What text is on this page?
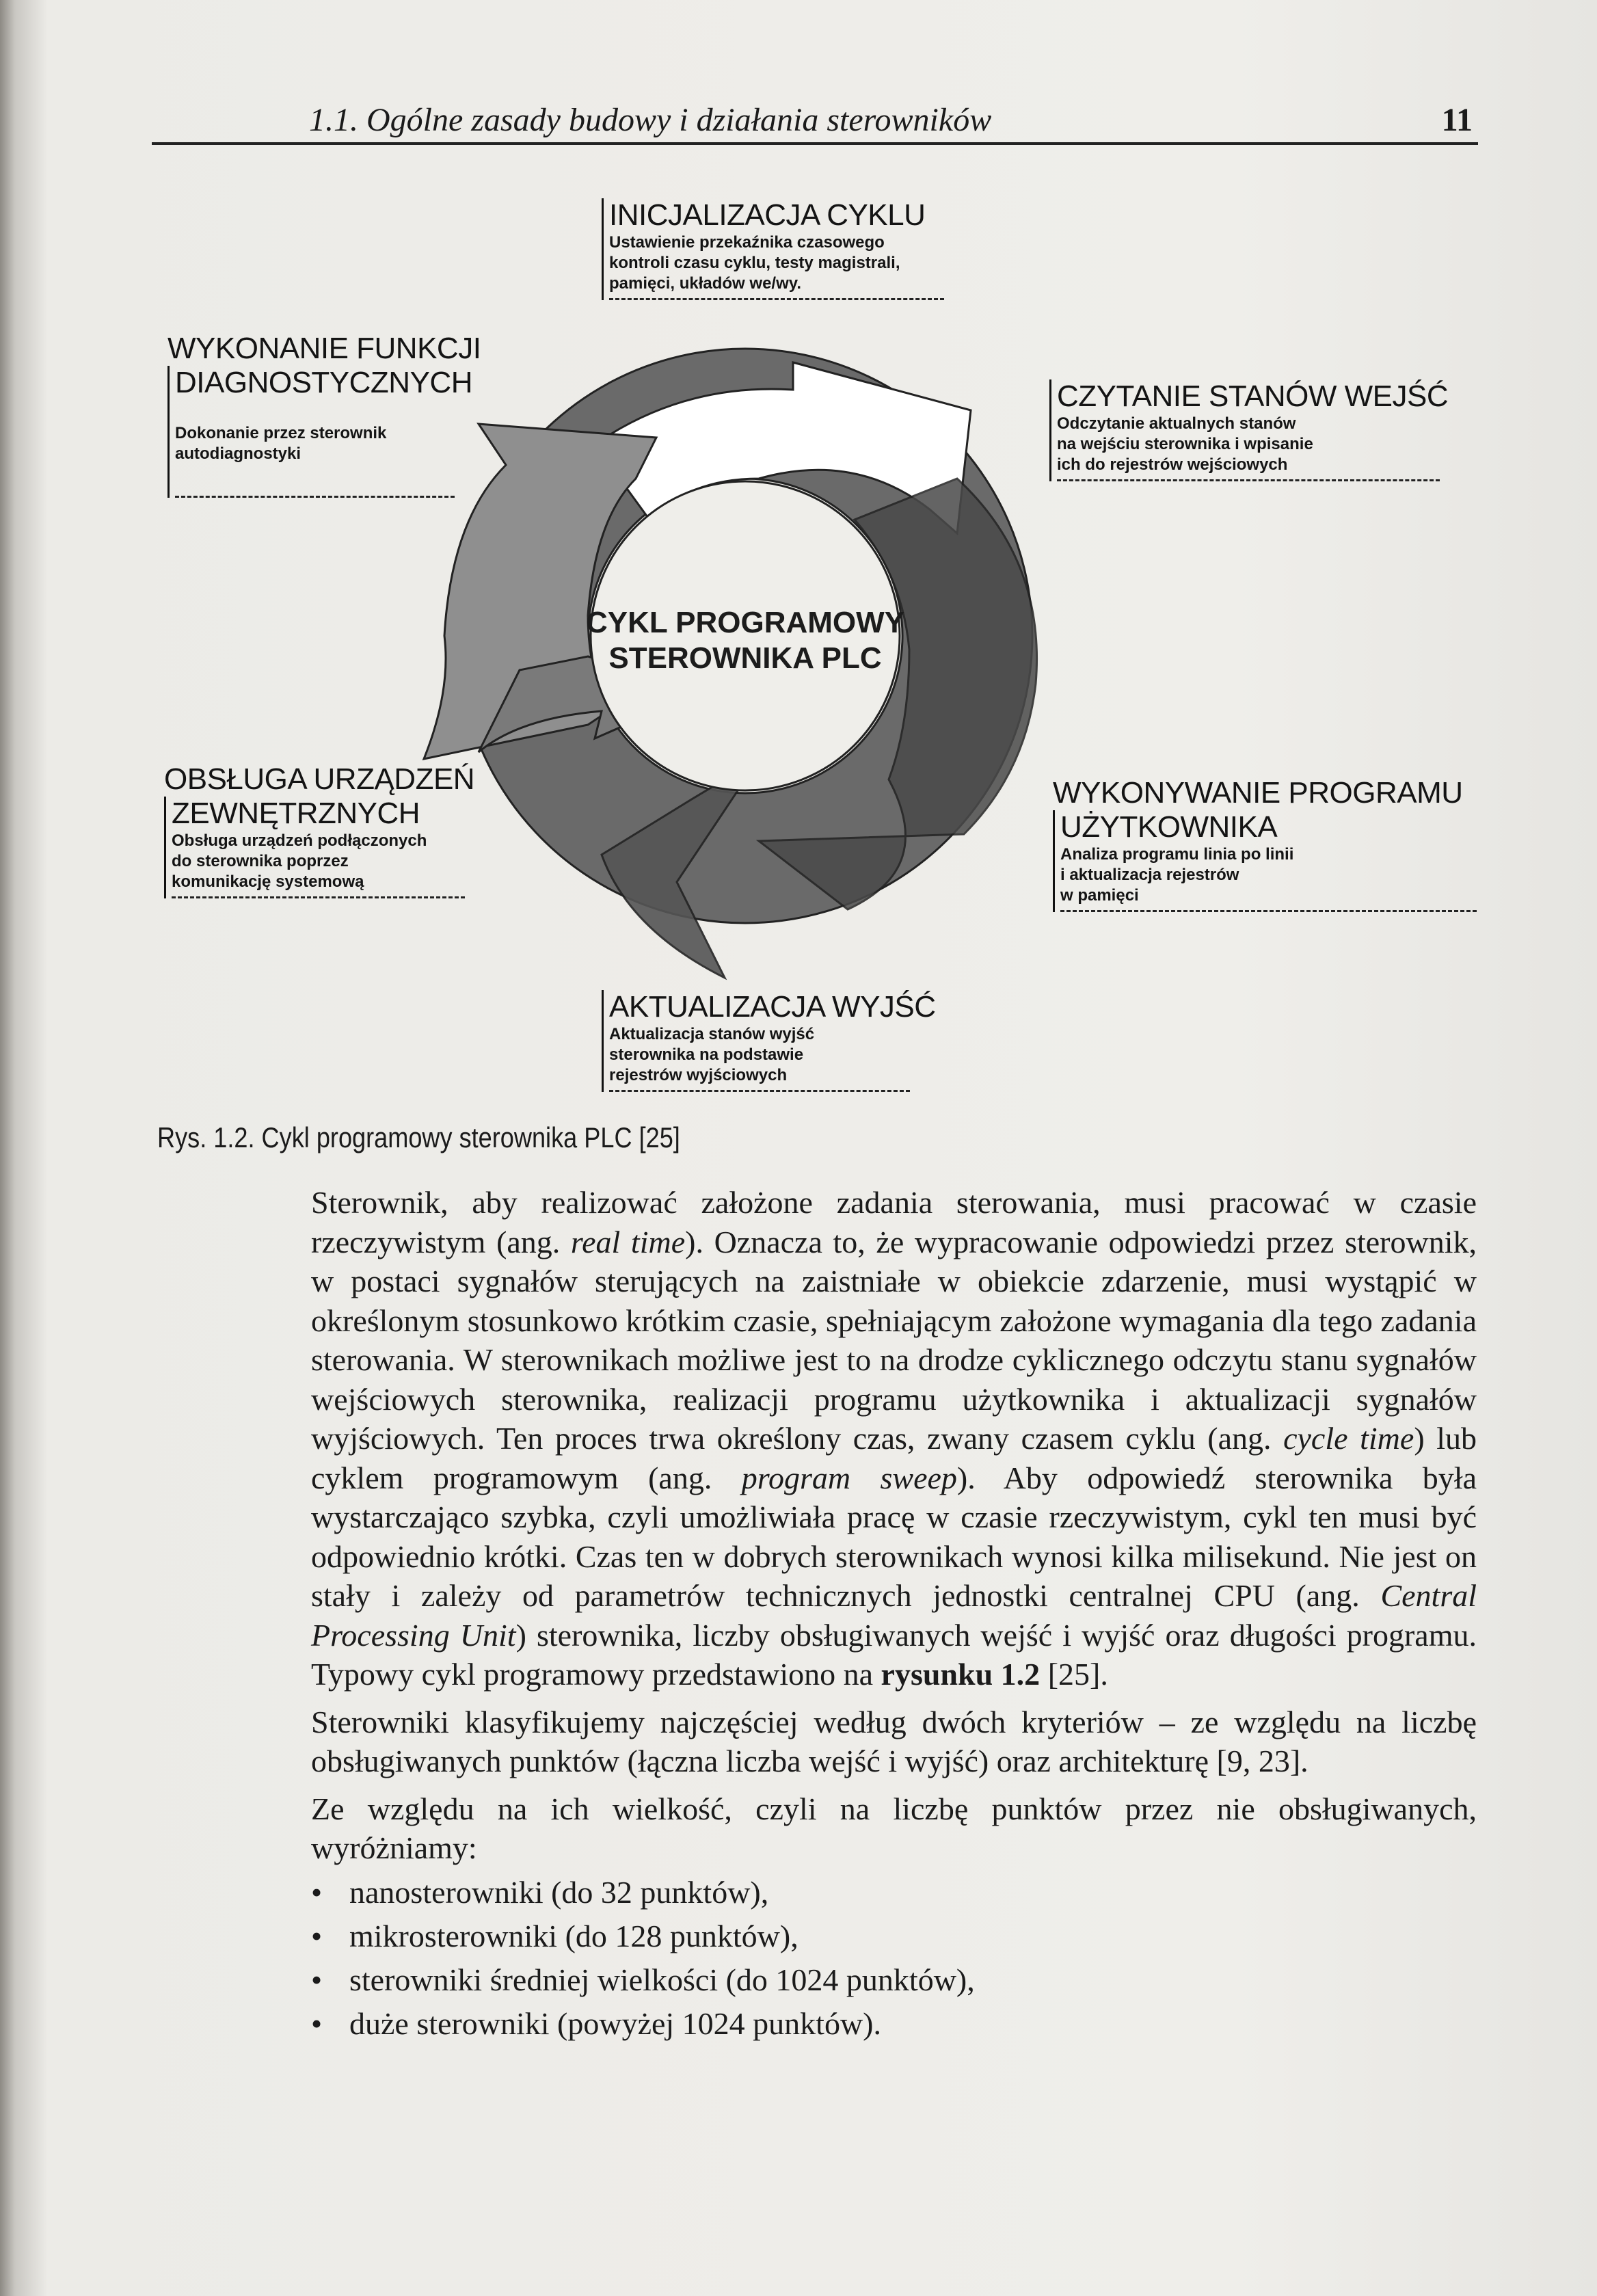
1.1. Ogólne zasady budowy i działania sterowników	11
CYKL PROGRAMOWY
STEROWNIKA PLC
INICJALIZACJA CYKLU
Ustawienie przekaźnika czasowego
kontroli czasu cyklu, testy magistrali,
pamięci, układów we/wy.
CZYTANIE STANÓW WEJŚĆ
Odczytanie aktualnych stanów
na wejściu sterownika i wpisanie
ich do rejestrów wejściowych
WYKONYWANIE PROGRAMU
UŻYTKOWNIKA
Analiza programu linia po linii
i aktualizacja rejestrów
w pamięci
AKTUALIZACJA WYJŚĆ
Aktualizacja stanów wyjść
sterownika na podstawie
rejestrów wyjściowych
OBSŁUGA URZĄDZEŃ
ZEWNĘTRZNYCH
Obsługa urządzeń podłączonych
do sterownika poprzez
komunikację systemową
WYKONANIE FUNKCJI
DIAGNOSTYCZNYCH
Dokonanie przez sterownik
autodiagnostyki
Rys. 1.2. Cykl programowy sterownika PLC [25]

Sterownik, aby realizować założone zadania sterowania, musi pracować w czasie rzeczywistym (ang. real time). Oznacza to, że wypracowanie odpowiedzi przez sterownik, w postaci sygnałów sterujących na zaistniałe w obiekcie zdarzenie, musi wystąpić w określonym stosunkowo krótkim czasie, spełniającym założone wymagania dla tego zadania sterowania. W sterownikach możliwe jest to na drodze cyklicznego odczytu stanu sygnałów wejściowych sterownika, realizacji programu użytkownika i aktualizacji sygnałów wyjściowych. Ten proces trwa określony czas, zwany czasem cyklu (ang. cycle time) lub cyklem programowym (ang. program sweep). Aby odpowiedź sterownika była wystarczająco szybka, czyli umożliwiała pracę w czasie rzeczywistym, cykl ten musi być odpowiednio krótki. Czas ten w dobrych sterownikach wynosi kilka milisekund. Nie jest on stały i zależy od parametrów technicznych jednostki centralnej CPU (ang. Central Processing Unit) sterownika, liczby obsługiwanych wejść i wyjść oraz długości programu. Typowy cykl programowy przedstawiono na rysunku 1.2 [25].

Sterowniki klasyfikujemy najczęściej według dwóch kryteriów – ze względu na liczbę obsługiwanych punktów (łączna liczba wejść i wyjść) oraz architekturę [9, 23].

Ze względu na ich wielkość, czyli na liczbę punktów przez nie obsługiwanych, wyróżniamy:

• nanosterowniki (do 32 punktów),
• mikrosterowniki (do 128 punktów),
• sterowniki średniej wielkości (do 1024 punktów),
• duże sterowniki (powyżej 1024 punktów).
